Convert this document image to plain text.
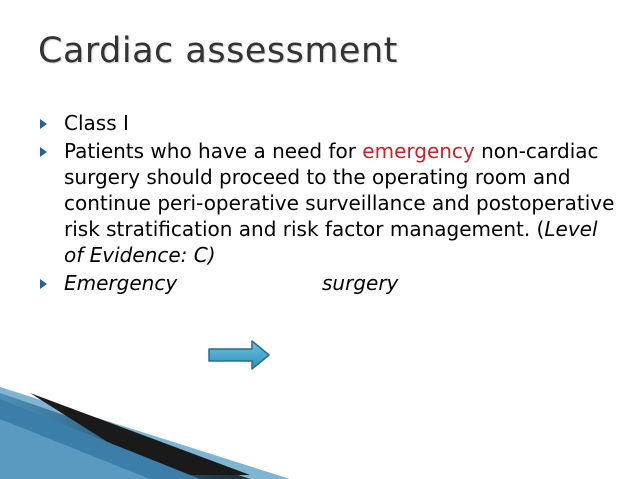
Cardiac assessment
Class I
Patients who have a need for emergency non-cardiac surgery should proceed to the operating room and continue peri-operative surveillance and postoperative risk stratification and risk factor management. (Level of Evidence: C)
Emergency	surgery
